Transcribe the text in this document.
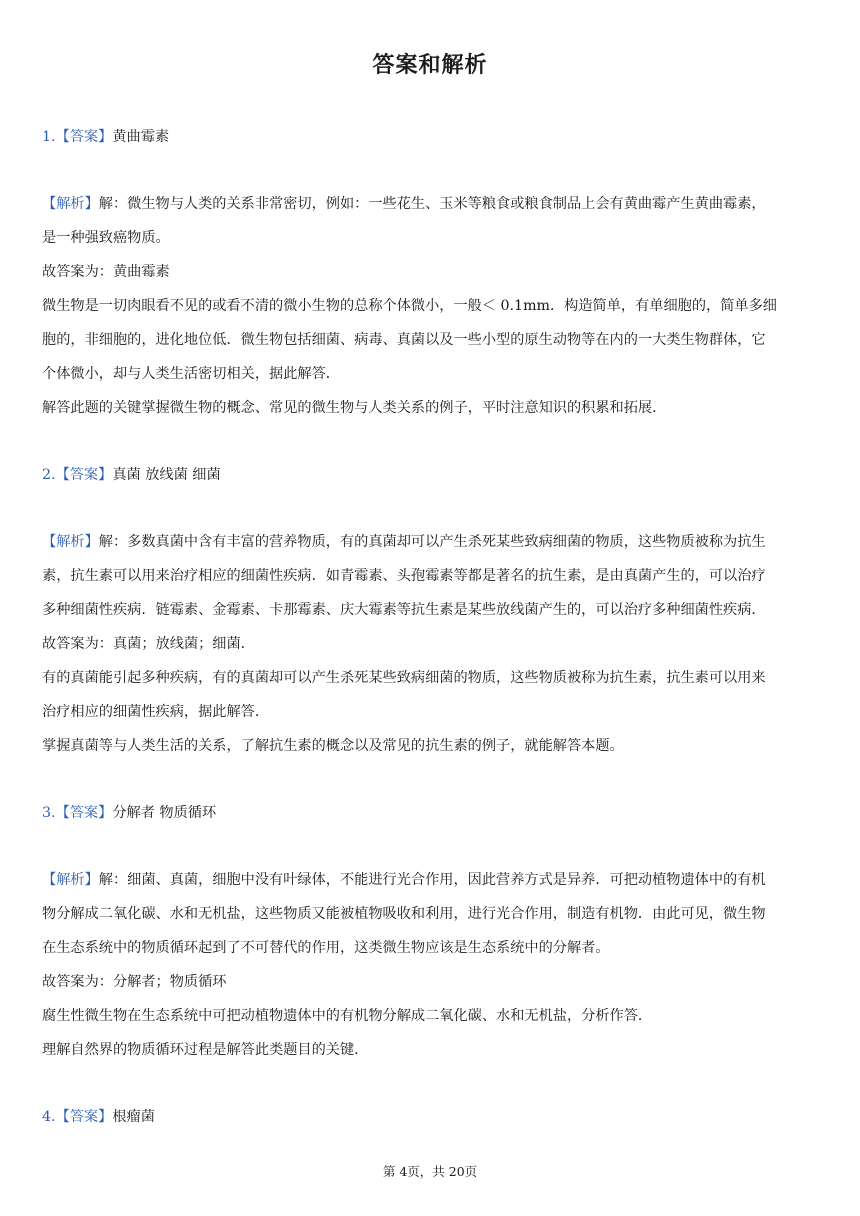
答案和解析
1.【答案】黄曲霉素
【解析】解：微生物与人类的关系非常密切，例如：一些花生、玉米等粮食或粮食制品上会有黄曲霉产生黄曲霉素，
是一种强致癌物质。
故答案为：黄曲霉素
微生物是一切肉眼看不见的或看不清的微小生物的总称个体微小，一般＜ 0.1mm．构造简单，有单细胞的，简单多细
胞的，非细胞的，进化地位低．微生物包括细菌、病毒、真菌以及一些小型的原生动物等在内的一大类生物群体，它
个体微小，却与人类生活密切相关，据此解答．
解答此题的关键掌握微生物的概念、常见的微生物与人类关系的例子，平时注意知识的积累和拓展．
2.【答案】真菌 放线菌 细菌
【解析】解：多数真菌中含有丰富的营养物质，有的真菌却可以产生杀死某些致病细菌的物质，这些物质被称为抗生
素，抗生素可以用来治疗相应的细菌性疾病．如青霉素、头孢霉素等都是著名的抗生素，是由真菌产生的，可以治疗
多种细菌性疾病．链霉素、金霉素、卡那霉素、庆大霉素等抗生素是某些放线菌产生的，可以治疗多种细菌性疾病．
故答案为：真菌；放线菌；细菌．
有的真菌能引起多种疾病，有的真菌却可以产生杀死某些致病细菌的物质，这些物质被称为抗生素，抗生素可以用来
治疗相应的细菌性疾病，据此解答．
掌握真菌等与人类生活的关系，了解抗生素的概念以及常见的抗生素的例子，就能解答本题。
3.【答案】分解者 物质循环
【解析】解：细菌、真菌，细胞中没有叶绿体，不能进行光合作用，因此营养方式是异养．可把动植物遗体中的有机
物分解成二氧化碳、水和无机盐，这些物质又能被植物吸收和利用，进行光合作用，制造有机物．由此可见，微生物
在生态系统中的物质循环起到了不可替代的作用，这类微生物应该是生态系统中的分解者。
故答案为：分解者；物质循环
腐生性微生物在生态系统中可把动植物遗体中的有机物分解成二氧化碳、水和无机盐，分析作答．
理解自然界的物质循环过程是解答此类题目的关键．
4.【答案】根瘤菌
第 4页，共 20页
